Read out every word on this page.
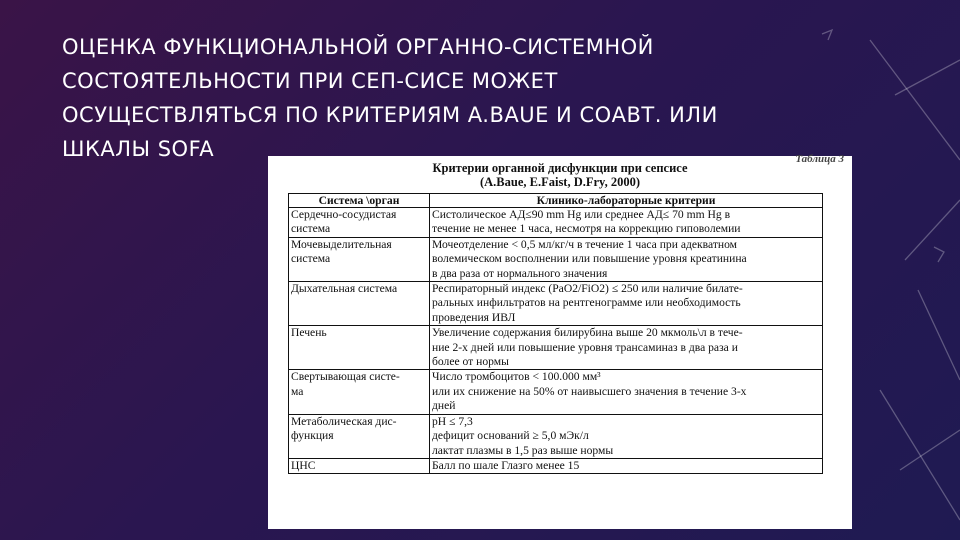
ОЦЕНКА ФУНКЦИОНАЛЬНОЙ ОРГАННО-СИСТЕМНОЙ
СОСТОЯТЕЛЬНОСТИ ПРИ СЕП-СИСЕ МОЖЕТ
ОСУЩЕСТВЛЯТЬСЯ ПО КРИТЕРИЯМ A.BAUE И СОАВТ. ИЛИ
ШКАЛЫ SOFA	Таблица 3
Критерии органной дисфункции при сепсисе
(A.Baue, E.Faist, D.Fry, 2000)
Система \орган	Клинико-лабораторные критерии

Сердечно-сосудистая
система	Систолическое АД≤90 mm Hg или среднее АД≤ 70 mm Hg в
течение не менее 1 часа, несмотря на коррекцию гиповолемии

Мочевыделительная
система	Мочеотделение < 0,5 мл/кг/ч в течение 1 часа при адекватном
волемическом восполнении или повышение уровня креатинина
в два раза от нормального значения

Дыхательная система	Респираторный индекс (PaO2/FiO2) ≤ 250 или наличие билате-
ральных инфильтратов на рентгенограмме или необходимость
проведения ИВЛ

Печень	Увеличение содержания билирубина выше 20 мкмоль\л в тече-
ние 2-х дней или повышение уровня трансаминаз в два раза и
более от нормы

Свертывающая систе-
ма	Число тромбоцитов < 100.000 мм³
или их снижение на 50% от наивысшего значения в течение 3-х
дней

Метаболическая дис-
функция	pH ≤ 7,3
дефицит оснований ≥ 5,0 мЭк/л
лактат плазмы в 1,5 раз выше нормы

ЦНС	Балл по шале Глазго менее 15
